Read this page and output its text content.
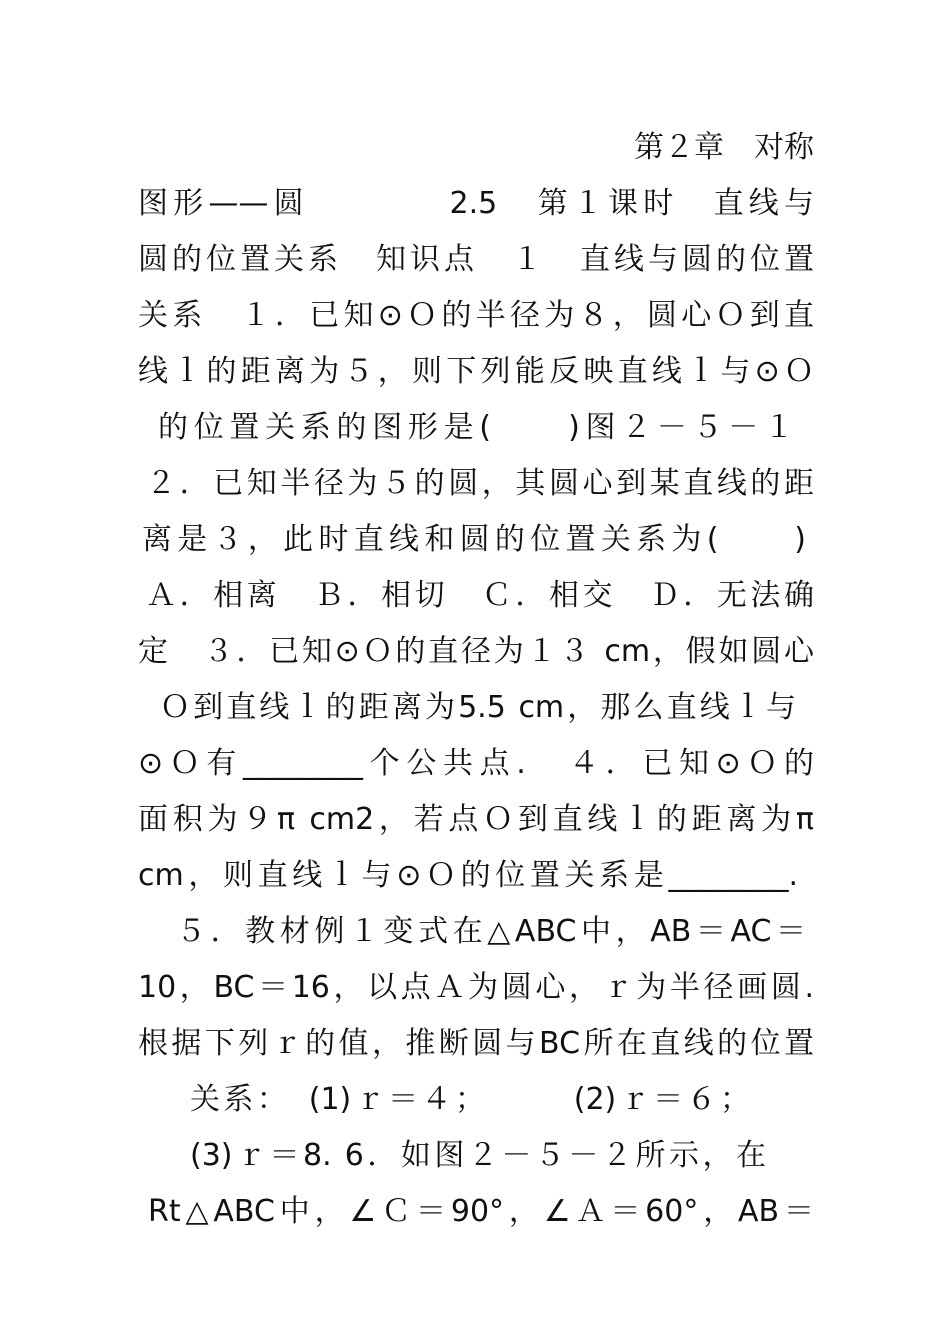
第２章　对称
图形——圆　　　　2.5　第１课时　直线与
圆的位置关系　知识点　１　直线与圆的位置
关系　１．已知⊙Ｏ的半径为８，圆心Ｏ到直
线ｌ的距离为５，则下列能反映直线ｌ与⊙Ｏ
的位置关系的图形是(　　)图２－５－１
２．已知半径为５的圆，其圆心到某直线的距
离是３，此时直线和圆的位置关系为(　　)
Ａ．相离　Ｂ．相切　Ｃ．相交　Ｄ．无法确
定　３．已知⊙Ｏ的直径为１３ cm，假如圆心
Ｏ到直线ｌ的距离为5.5 cm，那么直线ｌ与
⊙Ｏ有________个公共点.　４．已知⊙Ｏ的
面积为９π cm2，若点Ｏ到直线ｌ的距离为π
cm，则直线ｌ与⊙Ｏ的位置关系是________.
５．教材例１变式在△ABC中，AB＝AC＝
10，BC＝16，以点Ａ为圆心，ｒ为半径画圆.
根据下列ｒ的值，推断圆与BC所在直线的位置
关系：　(1)ｒ＝４；　　　(2)ｒ＝６；
(3)ｒ＝8. 6．如图２－５－２所示，在
Rt△ABC中，∠Ｃ＝90°，∠Ａ＝60°，AB＝
